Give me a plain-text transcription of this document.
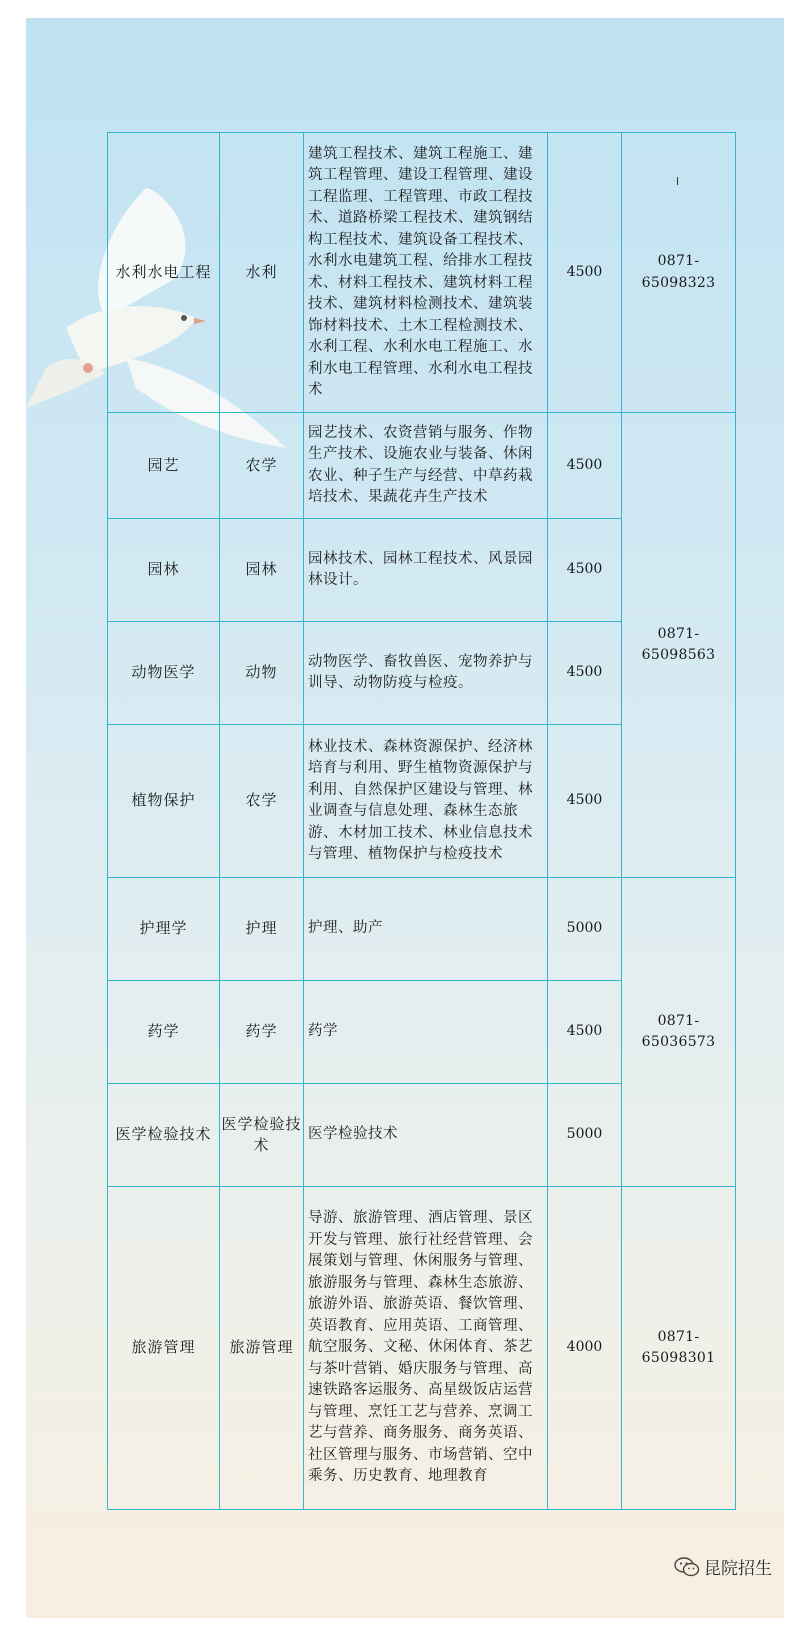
水利水电工程	水利	建筑工程技术、建筑工程施工、建筑工程管理、建设工程管理、建设工程监理、工程管理、市政工程技术、道路桥梁工程技术、建筑钢结构工程技术、建筑设备工程技术、水利水电建筑工程、给排水工程技术、材料工程技术、建筑材料工程技术、建筑材料检测技术、建筑装饰材料技术、土木工程检测技术、水利工程、水利水电工程施工、水利水电工程管理、水利水电工程技术	4500	0871-65098323
园艺	农学	园艺技术、农资营销与服务、作物生产技术、设施农业与装备、休闲农业、种子生产与经营、中草药栽培技术、果蔬花卉生产技术	4500	0871-65098563
园林	园林	园林技术、园林工程技术、风景园林设计。	4500	
动物医学	动物	动物医学、畜牧兽医、宠物养护与训导、动物防疫与检疫。	4500	
植物保护	农学	林业技术、森林资源保护、经济林培育与利用、野生植物资源保护与利用、自然保护区建设与管理、林业调查与信息处理、森林生态旅游、木材加工技术、林业信息技术与管理、植物保护与检疫技术	4500	
护理学	护理	护理、助产	5000	0871-65036573
药学	药学	药学	4500	
医学检验技术	医学检验技术	医学检验技术	5000	
旅游管理	旅游管理	导游、旅游管理、酒店管理、景区开发与管理、旅行社经营管理、会展策划与管理、休闲服务与管理、旅游服务与管理、森林生态旅游、旅游外语、旅游英语、餐饮管理、英语教育、应用英语、工商管理、航空服务、文秘、休闲体育、茶艺与茶叶营销、婚庆服务与管理、高速铁路客运服务、高星级饭店运营与管理、烹饪工艺与营养、烹调工艺与营养、商务服务、商务英语、社区管理与服务、市场营销、空中乘务、历史教育、地理教育	4000	0871-65098301
昆院招生
